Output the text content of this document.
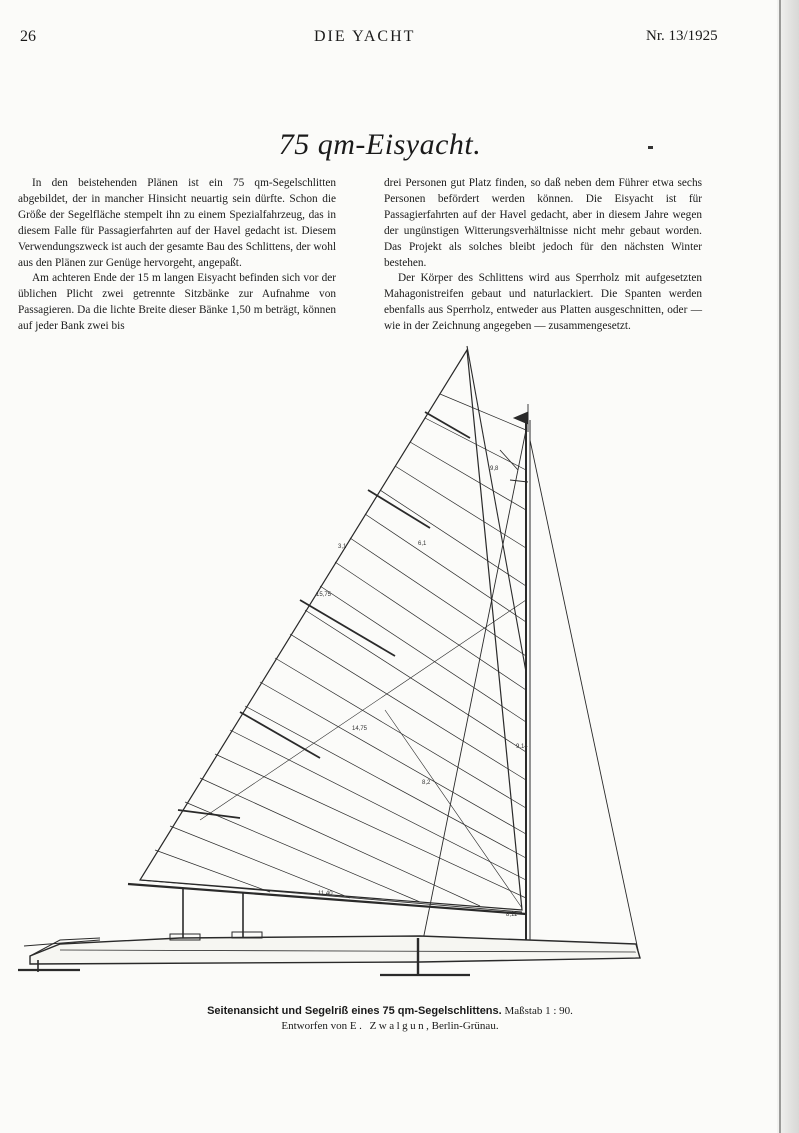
26	DIE YACHT	Nr. 13/1925
75 qm-Eisyacht.

In den beistehenden Plänen ist ein 75 qm-Segelschlitten abgebildet, der in mancher Hinsicht neuartig sein dürfte. Schon die Größe der Segelfläche stempelt ihn zu einem Spezialfahrzeug, das in diesem Falle für Passagierfahrten auf der Havel gedacht ist. Diesem Verwendungszweck ist auch der gesamte Bau des Schlittens, der wohl aus den Plänen zur Genüge hervorgeht, angepaßt.

Am achteren Ende der 15 m langen Eisyacht befinden sich vor der üblichen Plicht zwei getrennte Sitzbänke zur Aufnahme von Passagieren. Da die lichte Breite dieser Bänke 1,50 m beträgt, können auf jeder Bank zwei bis

drei Personen gut Platz finden, so daß neben dem Führer etwa sechs Personen befördert werden können. Die Eisyacht ist für Passagierfahrten auf der Havel gedacht, aber in diesem Jahre wegen der ungünstigen Witterungsverhältnisse nicht mehr gebaut worden. Das Projekt als solches bleibt jedoch für den nächsten Winter bestehen.

Der Körper des Schlittens wird aus Sperrholz mit aufgesetzten Mahagonistreifen gebaut und naturlackiert. Die Spanten werden ebenfalls aus Sperrholz, entweder aus Platten ausgeschnitten, oder — wie in der Zeichnung angegeben — zusammengesetzt.

11,40
6,1
15,75
14,75
3,1
9,8
9,14
8,2
8,11
Seitenansicht und Segelriß eines 75 qm-Segelschlittens. Maßstab 1 : 90.
Entworfen von E. Zwalgun, Berlin-Grünau.
